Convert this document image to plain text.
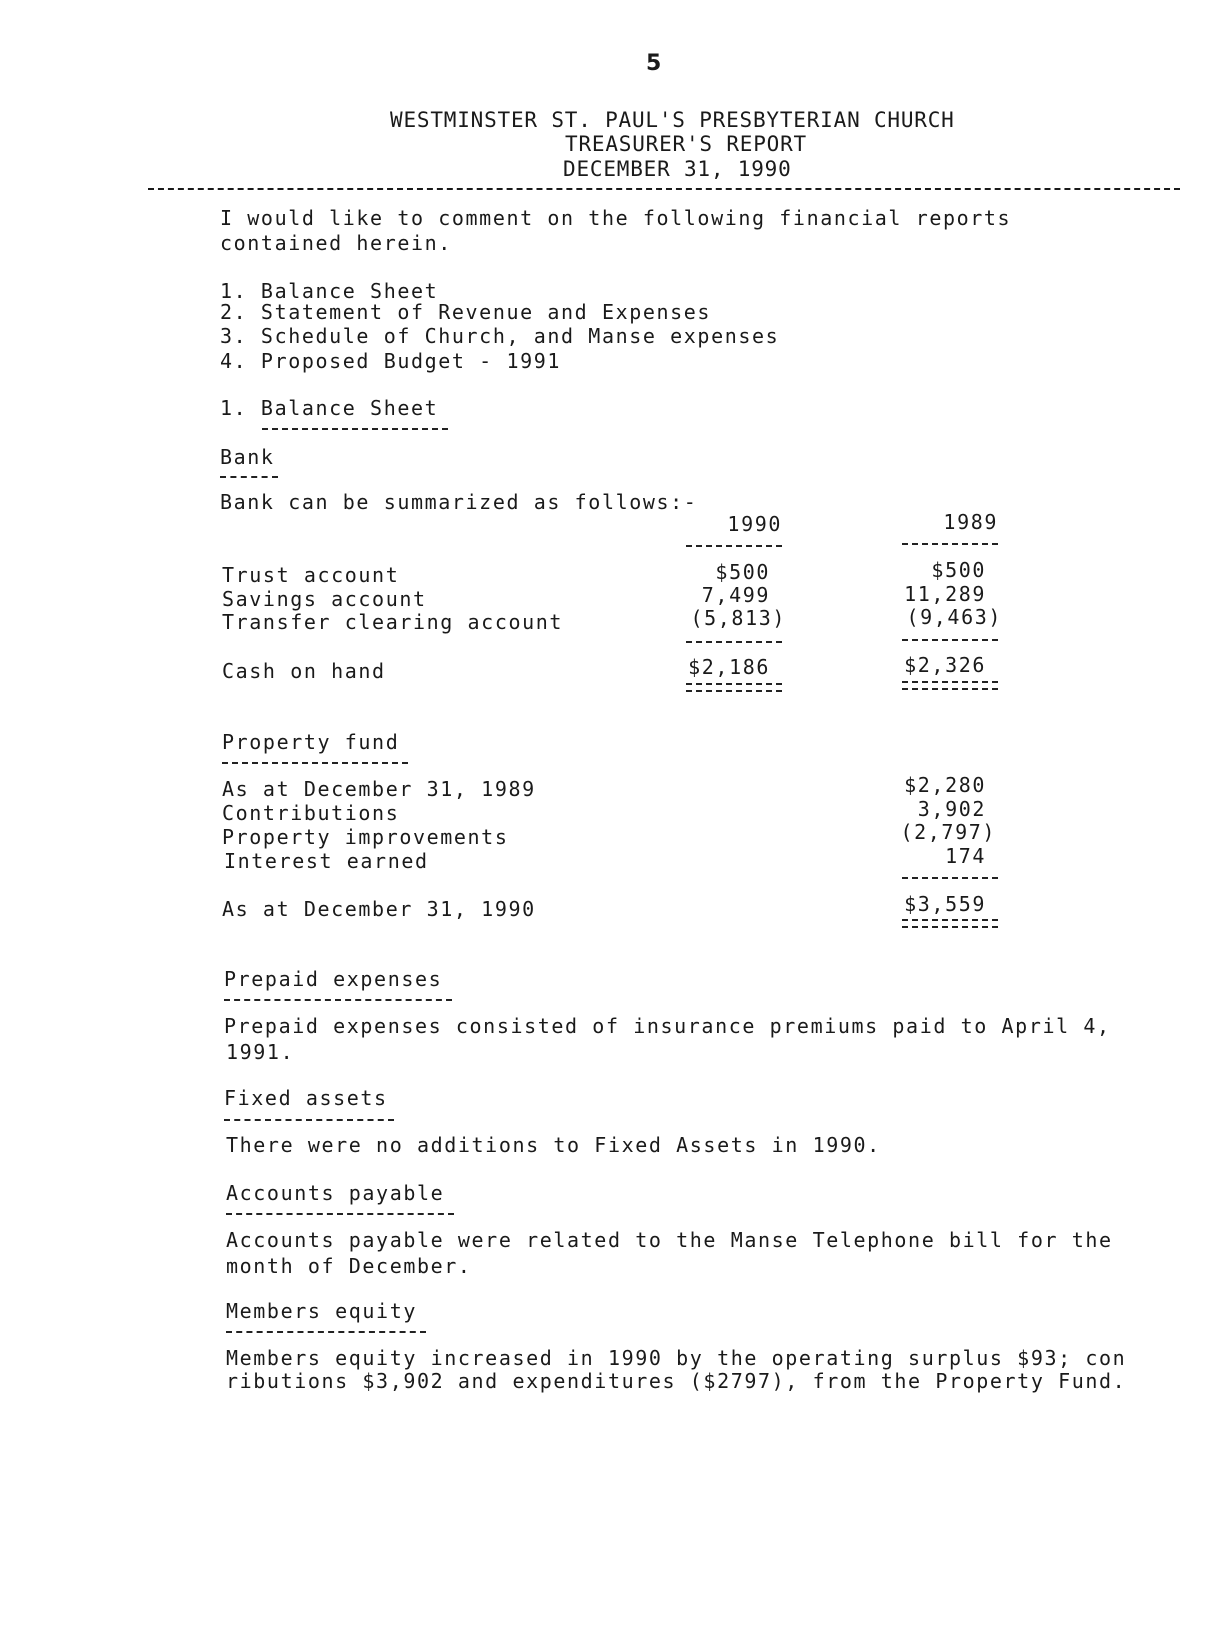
5
WESTMINSTER ST. PAUL'S PRESBYTERIAN CHURCH
TREASURER'S REPORT
DECEMBER 31, 1990
I would like to comment on the following financial reports
contained herein.
1. Balance Sheet
2. Statement of Revenue and Expenses
3. Schedule of Church, and Manse expenses
4. Proposed Budget - 1991
1. Balance Sheet
Bank
Bank can be summarized as follows:-
1990	1989
Trust account	$500	$500
Savings account	7,499	11,289
Transfer clearing account	(5,813)	(9,463)
Cash on hand	$2,186	$2,326
Property fund
As at December 31, 1989	$2,280
Contributions	3,902
Property improvements	(2,797)
Interest earned	174
As at December 31, 1990	$3,559
Prepaid expenses
Prepaid expenses consisted of insurance premiums paid to April 4,
1991.
Fixed assets
There were no additions to Fixed Assets in 1990.
Accounts payable
Accounts payable were related to the Manse Telephone bill for the
month of December.
Members equity
Members equity increased in 1990 by the operating surplus $93; con
ributions $3,902 and expenditures ($2797), from the Property Fund.
